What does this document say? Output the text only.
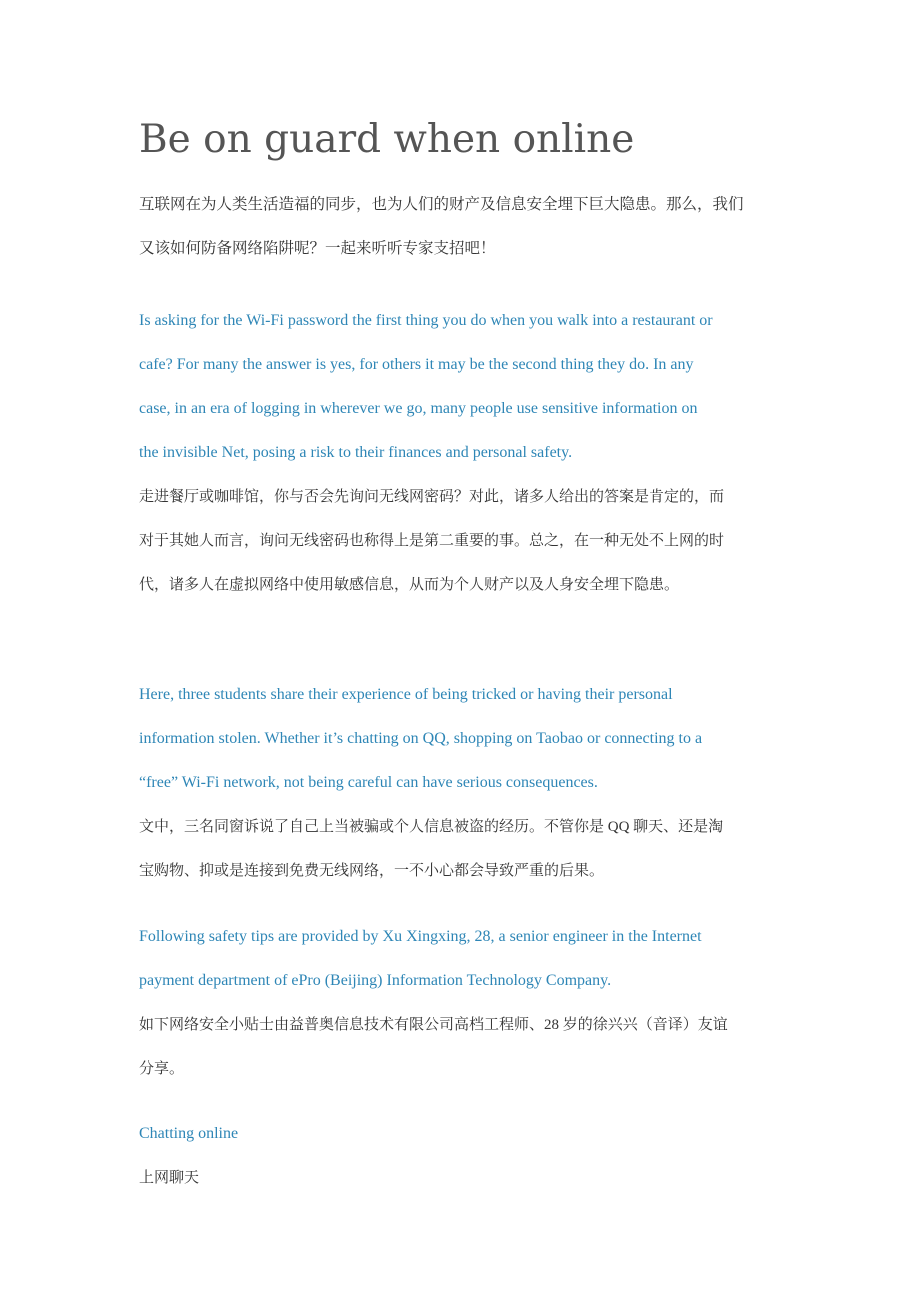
Be on guard when online

互联网在为人类生活造福的同步，也为人们的财产及信息安全埋下巨大隐患。那么，我们
又该如何防备网络陷阱呢？一起来听听专家支招吧！

Is asking for the Wi-Fi password the first thing you do when you walk into a restaurant or
cafe? For many the answer is yes, for others it may be the second thing they do. In any
case, in an era of logging in wherever we go, many people use sensitive information on
the invisible Net, posing a risk to their finances and personal safety.

走进餐厅或咖啡馆，你与否会先询问无线网密码？对此，诸多人给出的答案是肯定的，而
对于其她人而言，询问无线密码也称得上是第二重要的事。总之，在一种无处不上网的时
代，诸多人在虚拟网络中使用敏感信息，从而为个人财产以及人身安全埋下隐患。

Here, three students share their experience of being tricked or having their personal
information stolen. Whether it’s chatting on QQ, shopping on Taobao or connecting to a
“free” Wi-Fi network, not being careful can have serious consequences.

文中，三名同窗诉说了自己上当被骗或个人信息被盗的经历。不管你是 QQ 聊天、还是淘
宝购物、抑或是连接到免费无线网络，一不小心都会导致严重的后果。

Following safety tips are provided by Xu Xingxing, 28, a senior engineer in the Internet
payment department of ePro (Beijing) Information Technology Company.

如下网络安全小贴士由益普奥信息技术有限公司高档工程师、28 岁的徐兴兴（音译）友谊
分享。

Chatting online

上网聊天
